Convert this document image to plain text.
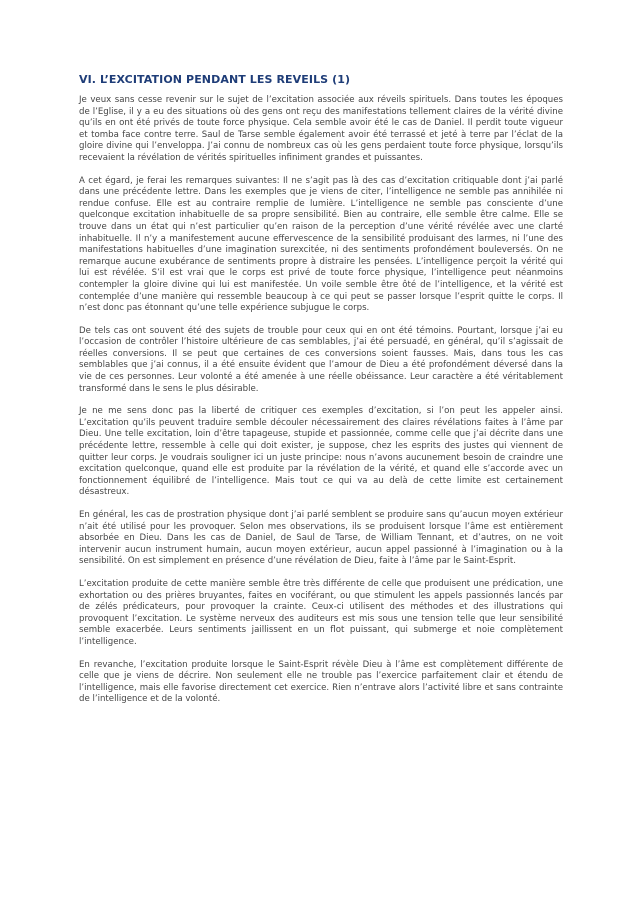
VI. L’EXCITATION PENDANT LES REVEILS (1)

Je veux sans cesse revenir sur le sujet de l’excitation associée aux réveils spirituels. Dans toutes les époques de l’Eglise, il y a eu des situations où des gens ont reçu des manifestations tellement claires de la vérité divine qu’ils en ont été privés de toute force physique. Cela semble avoir été le cas de Daniel. Il perdit toute vigueur et tomba face contre terre. Saul de Tarse semble également avoir été terrassé et jeté à terre par l’éclat de la gloire divine qui l’enveloppa. J’ai connu de nombreux cas où les gens perdaient toute force physique, lorsqu’ils recevaient la révélation de vérités spirituelles infiniment grandes et puissantes.

A cet égard, je ferai les remarques suivantes: Il ne s’agit pas là des cas d’excitation critiquable dont j’ai parlé dans une précédente lettre. Dans les exemples que je viens de citer, l’intelligence ne semble pas annihilée ni rendue confuse. Elle est au contraire remplie de lumière. L’intelligence ne semble pas consciente d’une quelconque excitation inhabituelle de sa propre sensibilité. Bien au contraire, elle semble être calme. Elle se trouve dans un état qui n’est particulier qu’en raison de la perception d’une vérité révélée avec une clarté inhabituelle. Il n’y a manifestement aucune effervescence de la sensibilité produisant des larmes, ni l’une des manifestations habituelles d’une imagination surexcitée, ni des sentiments profondément bouleversés. On ne remarque aucune exubérance de sentiments propre à distraire les pensées. L’intelligence perçoit la vérité qui lui est révélée. S’il est vrai que le corps est privé de toute force physique, l’intelligence peut néanmoins contempler la gloire divine qui lui est manifestée. Un voile semble être ôté de l’intelligence, et la vérité est contemplée d’une manière qui ressemble beaucoup à ce qui peut se passer lorsque l’esprit quitte le corps. Il n’est donc pas étonnant qu’une telle expérience subjugue le corps.

De tels cas ont souvent été des sujets de trouble pour ceux qui en ont été témoins. Pourtant, lorsque j’ai eu l’occasion de contrôler l’histoire ultérieure de cas semblables, j’ai été persuadé, en général, qu’il s’agissait de réelles conversions. Il se peut que certaines de ces conversions soient fausses. Mais, dans tous les cas semblables que j’ai connus, il a été ensuite évident que l’amour de Dieu a été profondément déversé dans la vie de ces personnes. Leur volonté a été amenée à une réelle obéissance. Leur caractère a été véritablement transformé dans le sens le plus désirable.

Je ne me sens donc pas la liberté de critiquer ces exemples d’excitation, si l’on peut les appeler ainsi. L’excitation qu’ils peuvent traduire semble découler nécessairement des claires révélations faites à l’âme par Dieu. Une telle excitation, loin d’être tapageuse, stupide et passionnée, comme celle que j’ai décrite dans une précédente lettre, ressemble à celle qui doit exister, je suppose, chez les esprits des justes qui viennent de quitter leur corps. Je voudrais souligner ici un juste principe: nous n’avons aucunement besoin de craindre une excitation quelconque, quand elle est produite par la révélation de la vérité, et quand elle s’accorde avec un fonctionnement équilibré de l’intelligence. Mais tout ce qui va au delà de cette limite est certainement désastreux.

En général, les cas de prostration physique dont j’ai parlé semblent se produire sans qu’aucun moyen extérieur n’ait été utilisé pour les provoquer. Selon mes observations, ils se produisent lorsque l’âme est entièrement absorbée en Dieu. Dans les cas de Daniel, de Saul de Tarse, de William Tennant, et d’autres, on ne voit intervenir aucun instrument humain, aucun moyen extérieur, aucun appel passionné à l’imagination ou à la sensibilité. On est simplement en présence d’une révélation de Dieu, faite à l’âme par le Saint-Esprit.

L’excitation produite de cette manière semble être très différente de celle que produisent une prédication, une exhortation ou des prières bruyantes, faites en vociférant, ou que stimulent les appels passionnés lancés par de zélés prédicateurs, pour provoquer la crainte. Ceux-ci utilisent des méthodes et des illustrations qui provoquent l’excitation. Le système nerveux des auditeurs est mis sous une tension telle que leur sensibilité semble exacerbée. Leurs sentiments jaillissent en un flot puissant, qui submerge et noie complètement l’intelligence.

En revanche, l’excitation produite lorsque le Saint-Esprit révèle Dieu à l’âme est complètement différente de celle que je viens de décrire. Non seulement elle ne trouble pas l’exercice parfaitement clair et étendu de l’intelligence, mais elle favorise directement cet exercice. Rien n’entrave alors l’activité libre et sans contrainte de l’intelligence et de la volonté.
